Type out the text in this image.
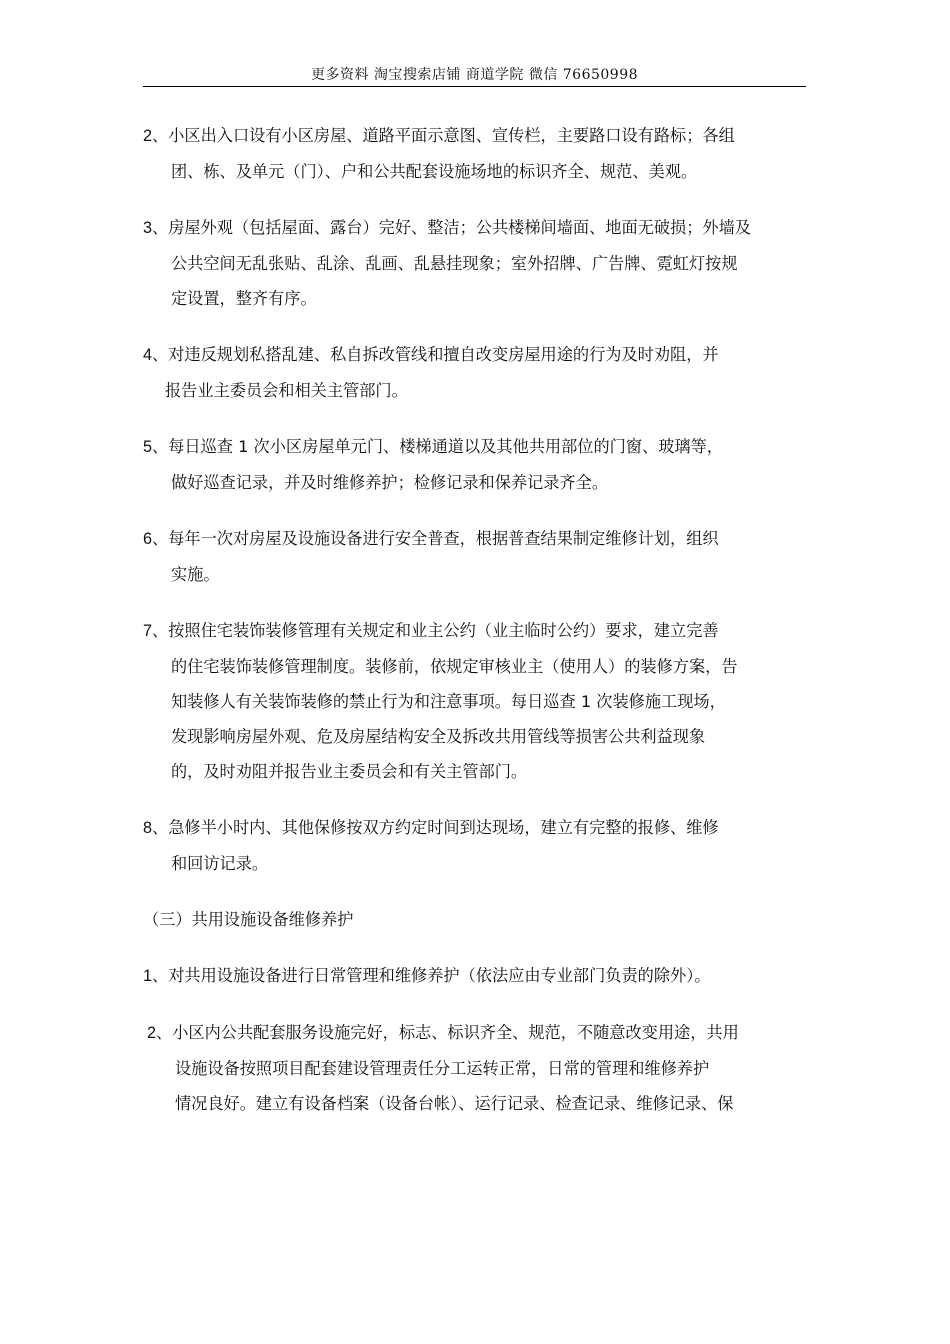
更多资料 淘宝搜索店铺 商道学院 微信 76650998
2、小区出入口设有小区房屋、道路平面示意图、宣传栏，主要路口设有路标；各组
团、栋、及单元（门）、户和公共配套设施场地的标识齐全、规范、美观。
3、房屋外观（包括屋面、露台）完好、整洁；公共楼梯间墙面、地面无破损；外墙及
公共空间无乱张贴、乱涂、乱画、乱悬挂现象；室外招牌、广告牌、霓虹灯按规
定设置，整齐有序。
4、对违反规划私搭乱建、私自拆改管线和擅自改变房屋用途的行为及时劝阻，并
报告业主委员会和相关主管部门。
5、每日巡查 1 次小区房屋单元门、楼梯通道以及其他共用部位的门窗、玻璃等，
做好巡查记录，并及时维修养护；检修记录和保养记录齐全。
6、每年一次对房屋及设施设备进行安全普查，根据普查结果制定维修计划，组织
实施。
7、按照住宅装饰装修管理有关规定和业主公约（业主临时公约）要求，建立完善
的住宅装饰装修管理制度。装修前，依规定审核业主（使用人）的装修方案，告
知装修人有关装饰装修的禁止行为和注意事项。每日巡查 1 次装修施工现场，
发现影响房屋外观、危及房屋结构安全及拆改共用管线等损害公共利益现象
的，及时劝阻并报告业主委员会和有关主管部门。
8、急修半小时内、其他保修按双方约定时间到达现场，建立有完整的报修、维修
和回访记录。
（三）共用设施设备维修养护
1、对共用设施设备进行日常管理和维修养护（依法应由专业部门负责的除外）。
2、小区内公共配套服务设施完好，标志、标识齐全、规范，不随意改变用途，共用
设施设备按照项目配套建设管理责任分工运转正常，日常的管理和维修养护
情况良好。建立有设备档案（设备台帐）、运行记录、检查记录、维修记录、保
